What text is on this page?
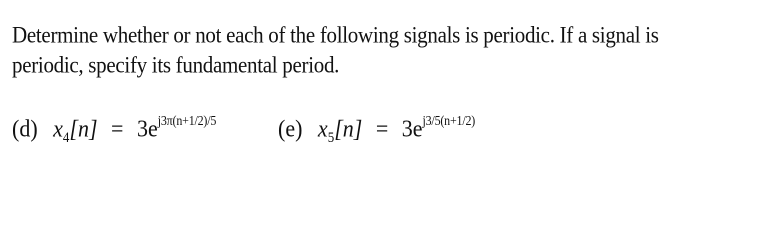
Determine whether or not each of the following signals is periodic. If a signal is
periodic, specify its fundamental period.
(d) $x_4[n] = 3e^{j3\pi(n+1/2)/5}$	(e) $x_5[n] = 3e^{j3/5(n+1/2)}$
